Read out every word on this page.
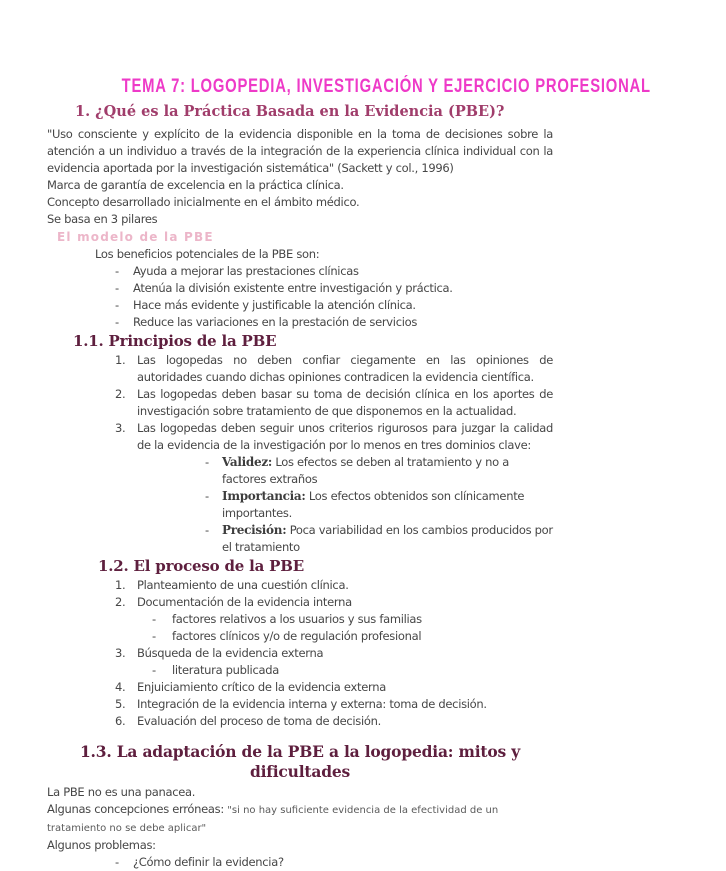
TEMA 7: LOGOPEDIA, INVESTIGACIÓN Y EJERCICIO PROFESIONAL
1. ¿Qué es la Práctica Basada en la Evidencia (PBE)?
"Uso consciente y explícito de la evidencia disponible en la toma de decisiones sobre la atención a un individuo a través de la integración de la experiencia clínica individual con la evidencia aportada por la investigación sistemática" (Sackett y col., 1996)
Marca de garantía de excelencia en la práctica clínica.
Concepto desarrollado inicialmente en el ámbito médico.
Se basa en 3 pilares
El modelo de la PBE
Los beneficios potenciales de la PBE son:
-	Ayuda a mejorar las prestaciones clínicas
-	Atenúa la división existente entre investigación y práctica.
-	Hace más evidente y justificable la atención clínica.
-	Reduce las variaciones en la prestación de servicios
1.1. Principios de la PBE
1.	Las logopedas no deben confiar ciegamente en las opiniones de autoridades cuando dichas opiniones contradicen la evidencia científica.
2.	Las logopedas deben basar su toma de decisión clínica en los aportes de investigación sobre tratamiento de que disponemos en la actualidad.
3.	Las logopedas deben seguir unos criterios rigurosos para juzgar la calidad de la evidencia de la investigación por lo menos en tres dominios clave:
-	Validez: Los efectos se deben al tratamiento y no a factores extraños
-	Importancia: Los efectos obtenidos son clínicamente importantes.
-	Precisión: Poca variabilidad en los cambios producidos por el tratamiento
1.2. El proceso de la PBE
1.	Planteamiento de una cuestión clínica.
2.	Documentación de la evidencia interna
-	factores relativos a los usuarios y sus familias
-	factores clínicos y/o de regulación profesional
3.	Búsqueda de la evidencia externa
-	literatura publicada
4.	Enjuiciamiento crítico de la evidencia externa
5.	Integración de la evidencia interna y externa: toma de decisión.
6.	Evaluación del proceso de toma de decisión.
1.3. La adaptación de la PBE a la logopedia: mitos y dificultades
La PBE no es una panacea.
Algunas concepciones erróneas: "si no hay suficiente evidencia de la efectividad de un tratamiento no se debe aplicar"
Algunos problemas:
-	¿Cómo definir la evidencia?
